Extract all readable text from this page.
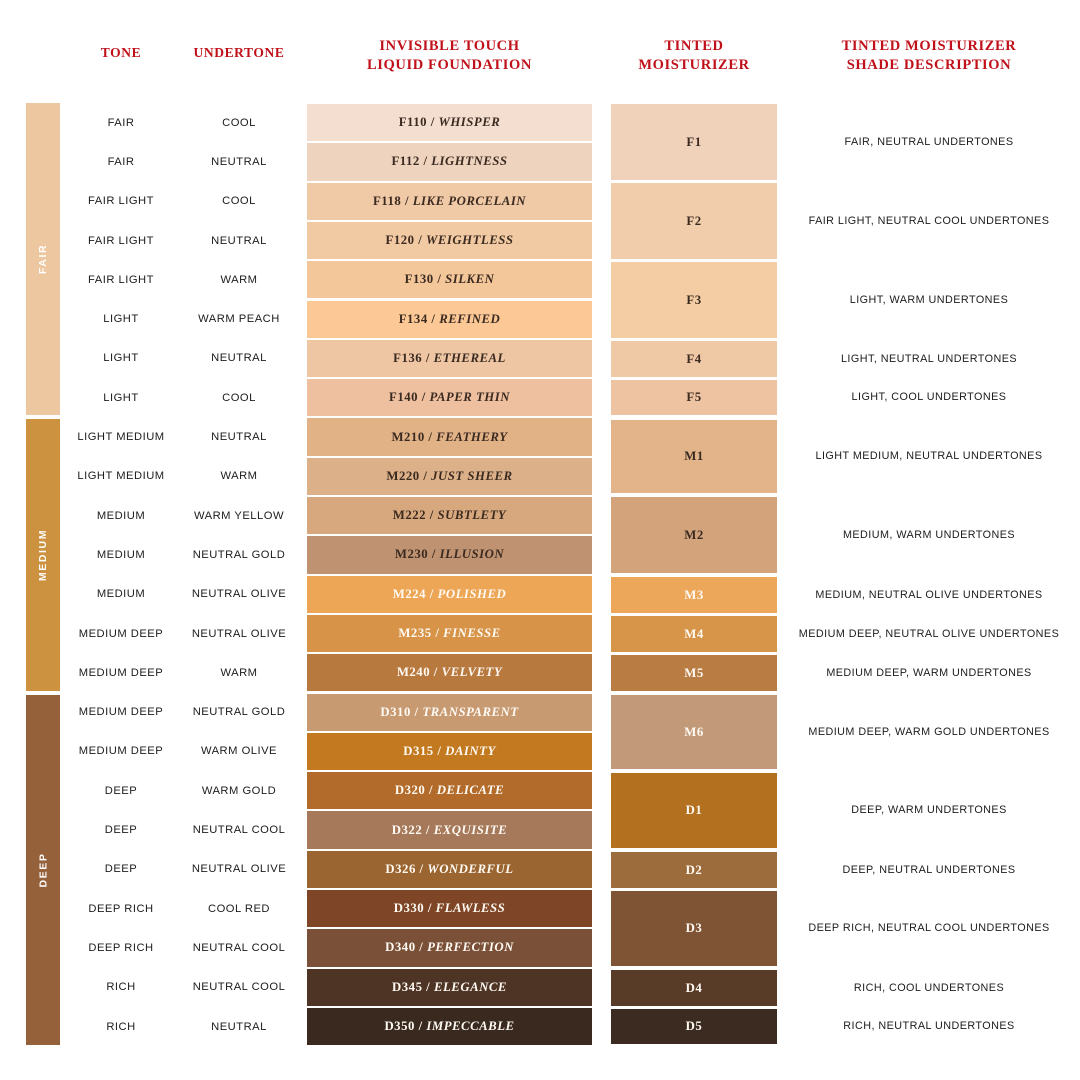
TONE	UNDERTONE	INVISIBLE TOUCH
LIQUID FOUNDATION
TINTED
MOISTURIZER
TINTED MOISTURIZER
SHADE DESCRIPTION
FAIR
MEDIUM
DEEP
FAIR
FAIR
FAIR LIGHT
FAIR LIGHT
FAIR LIGHT
LIGHT
LIGHT
LIGHT
LIGHT MEDIUM
LIGHT MEDIUM
MEDIUM
MEDIUM
MEDIUM
MEDIUM DEEP
MEDIUM DEEP
MEDIUM DEEP
MEDIUM DEEP
DEEP
DEEP
DEEP
DEEP RICH
DEEP RICH
RICH
RICH
COOL
NEUTRAL
COOL
NEUTRAL
WARM
WARM PEACH
NEUTRAL
COOL
NEUTRAL
WARM
WARM YELLOW
NEUTRAL GOLD
NEUTRAL OLIVE
NEUTRAL OLIVE
WARM
NEUTRAL GOLD
WARM OLIVE
WARM GOLD
NEUTRAL COOL
NEUTRAL OLIVE
COOL RED
NEUTRAL COOL
NEUTRAL COOL
NEUTRAL
F110 / WHISPER
F112 / LIGHTNESS
F118 / LIKE PORCELAIN
F120 / WEIGHTLESS
F130 / SILKEN
F134 / REFINED
F136 / ETHEREAL
F140 / PAPER THIN
M210 / FEATHERY
M220 / JUST SHEER
M222 / SUBTLETY
M230 / ILLUSION
M224 / POLISHED
M235 / FINESSE
M240 / VELVETY
D310 / TRANSPARENT
D315 / DAINTY
D320 / DELICATE
D322 / EXQUISITE
D326 / WONDERFUL
D330 / FLAWLESS
D340 / PERFECTION
D345 / ELEGANCE
D350 / IMPECCABLE
F1
F2
F3
F4
F5
M1
M2
M3
M4
M5
M6
D1
D2
D3
D4
D5
FAIR, NEUTRAL UNDERTONES
FAIR LIGHT, NEUTRAL COOL UNDERTONES
LIGHT, WARM UNDERTONES
LIGHT, NEUTRAL UNDERTONES
LIGHT, COOL UNDERTONES
LIGHT MEDIUM, NEUTRAL UNDERTONES
MEDIUM, WARM UNDERTONES
MEDIUM, NEUTRAL OLIVE UNDERTONES
MEDIUM DEEP, NEUTRAL OLIVE UNDERTONES
MEDIUM DEEP, WARM UNDERTONES
MEDIUM DEEP, WARM GOLD UNDERTONES
DEEP, WARM UNDERTONES
DEEP, NEUTRAL UNDERTONES
DEEP RICH, NEUTRAL COOL UNDERTONES
RICH, COOL UNDERTONES
RICH, NEUTRAL UNDERTONES
